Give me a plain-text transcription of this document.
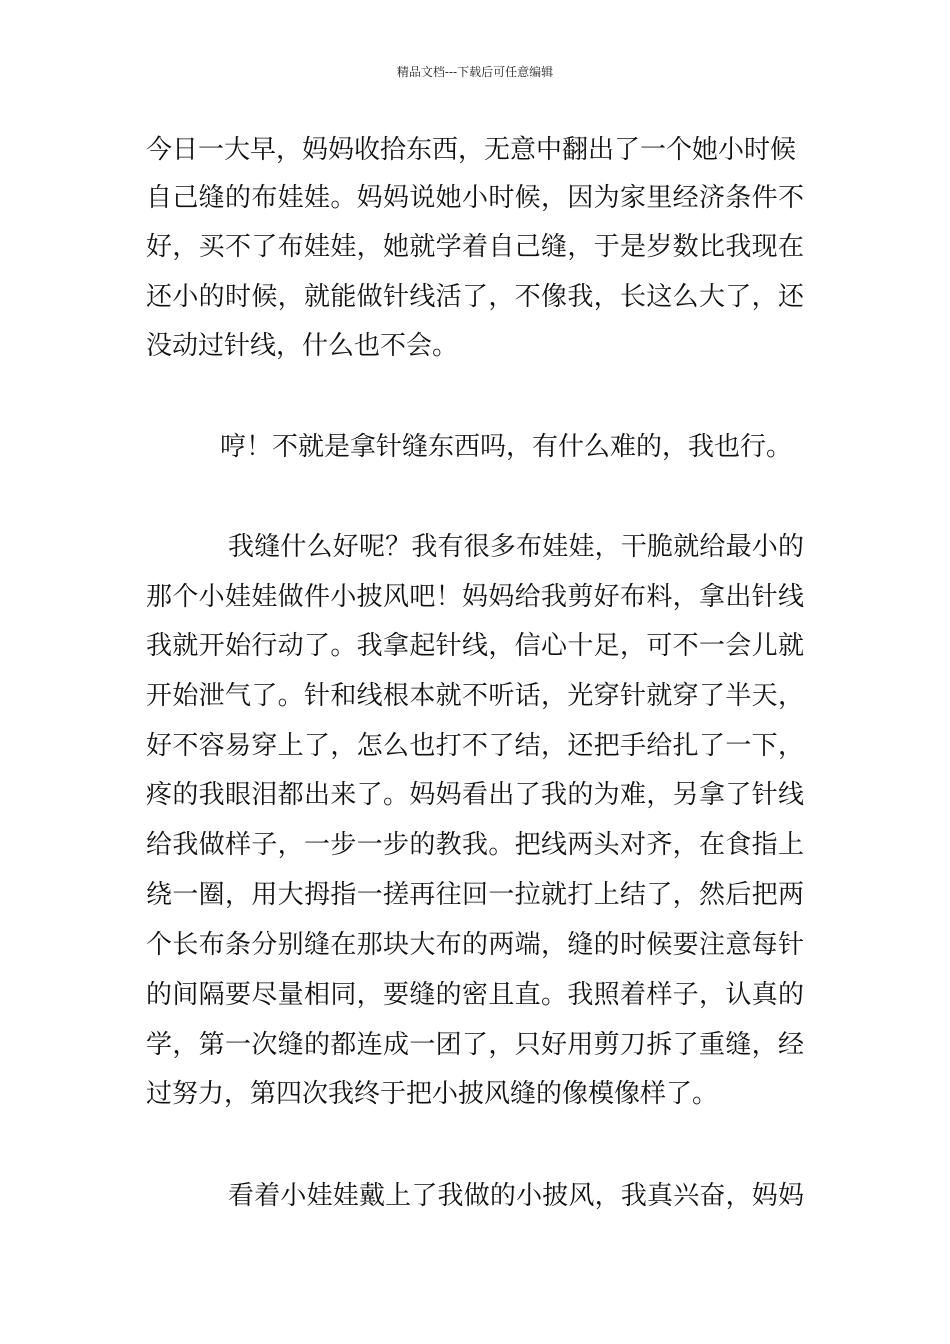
精品文档---下载后可任意编辑
今日一大早，妈妈收拾东西，无意中翻出了一个她小时候
自己缝的布娃娃。妈妈说她小时候，因为家里经济条件不
好，买不了布娃娃，她就学着自己缝，于是岁数比我现在
还小的时候，就能做针线活了，不像我，长这么大了，还
没动过针线，什么也不会。
哼！不就是拿针缝东西吗，有什么难的，我也行。
我缝什么好呢？我有很多布娃娃，干脆就给最小的
那个小娃娃做件小披风吧！妈妈给我剪好布料，拿出针线
我就开始行动了。我拿起针线，信心十足，可不一会儿就
开始泄气了。针和线根本就不听话，光穿针就穿了半天，
好不容易穿上了，怎么也打不了结，还把手给扎了一下，
疼的我眼泪都出来了。妈妈看出了我的为难，另拿了针线
给我做样子，一步一步的教我。把线两头对齐，在食指上
绕一圈，用大拇指一搓再往回一拉就打上结了，然后把两
个长布条分别缝在那块大布的两端，缝的时候要注意每针
的间隔要尽量相同，要缝的密且直。我照着样子，认真的
学，第一次缝的都连成一团了，只好用剪刀拆了重缝，经
过努力，第四次我终于把小披风缝的像模像样了。
看着小娃娃戴上了我做的小披风，我真兴奋，妈妈
